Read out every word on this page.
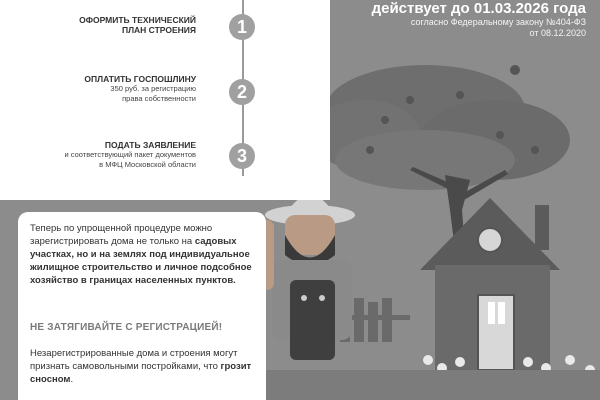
1
ОФОРМИТЬ ТЕХНИЧЕСКИЙ
ПЛАН СТРОЕНИЯ
2
ОПЛАТИТЬ ГОСПОШЛИНУ
350 руб. за регистрацию
права собственности
3
ПОДАТЬ ЗАЯВЛЕНИЕ
и соответствующий пакет документов
в МФЦ Московской области
действует до 01.03.2026 года
согласно Федеральному закону №404-ФЗ
от 08.12.2020
Теперь по упрощенной процедуре можно зарегистрировать дома не только на садовых участках, но и на землях под индивидуальное жилищное строительство и личное подсобное хозяйство в границах населенных пунктов.
НЕ ЗАТЯГИВАЙТЕ С РЕГИСТРАЦИЕЙ!
Незарегистрированные дома и строения могут признать самовольными постройками, что грозит сносном.
